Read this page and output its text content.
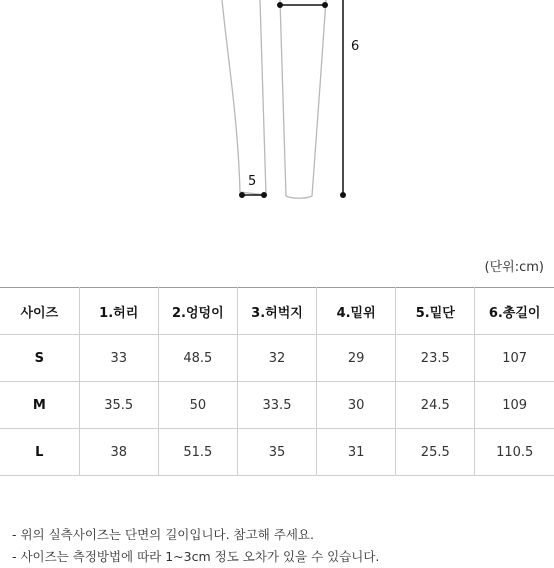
5
6
(단위:cm)
사이즈	1.허리	2.엉덩이	3.허벅지	4.밑위	5.밑단	6.총길이
S	33	48.5	32	29	23.5	107
M	35.5	50	33.5	30	24.5	109
L	38	51.5	35	31	25.5	110.5
- 위의 실측사이즈는 단면의 길이입니다. 참고해 주세요.
- 사이즈는 측정방법에 따라 1~3cm 정도 오차가 있을 수 있습니다.
